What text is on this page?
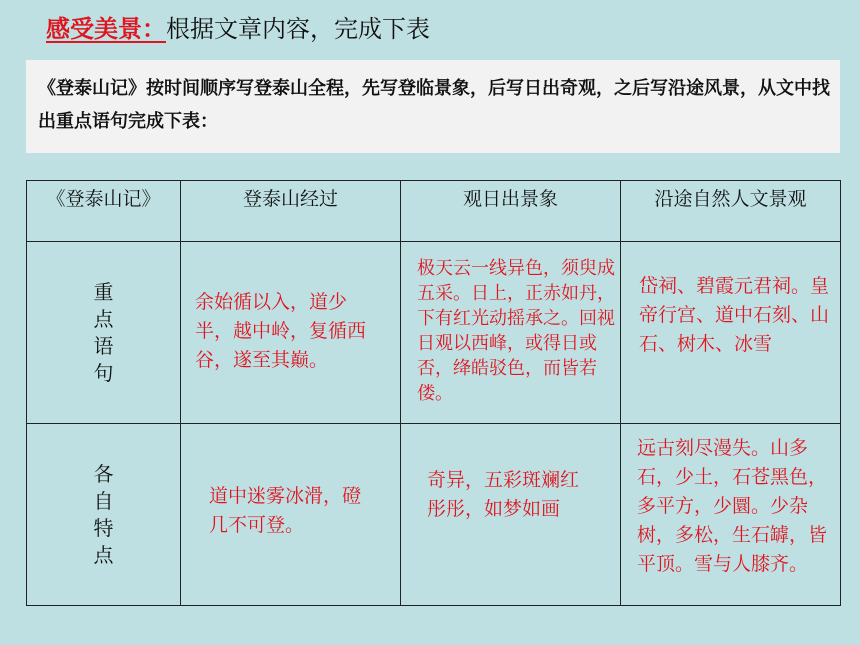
感受美景：根据文章内容，完成下表
《登泰山记》按时间顺序写登泰山全程，先写登临景象，后写日出奇观，之后写沿途风景，从文中找出重点语句完成下表：
《登泰山记》	登泰山经过	观日出景象	沿途自然人文景观

重
点
语
句	余始循以入，道少半，越中岭，复循西谷，遂至其巅。	极天云一线异色，须臾成五采。日上，正赤如丹，下有红光动摇承之。回视日观以西峰，或得日或否，绛皓驳色，而皆若偻。	岱祠、碧霞元君祠。皇帝行宫、道中石刻、山石、树木、冰雪

各
自
特
点	道中迷雾冰滑，磴几不可登。	奇异，五彩斑斓红彤彤，如梦如画	远古刻尽漫失。山多石，少土，石苍黑色，多平方，少圜。少杂树，多松，生石罅，皆平顶。雪与人膝齐。
